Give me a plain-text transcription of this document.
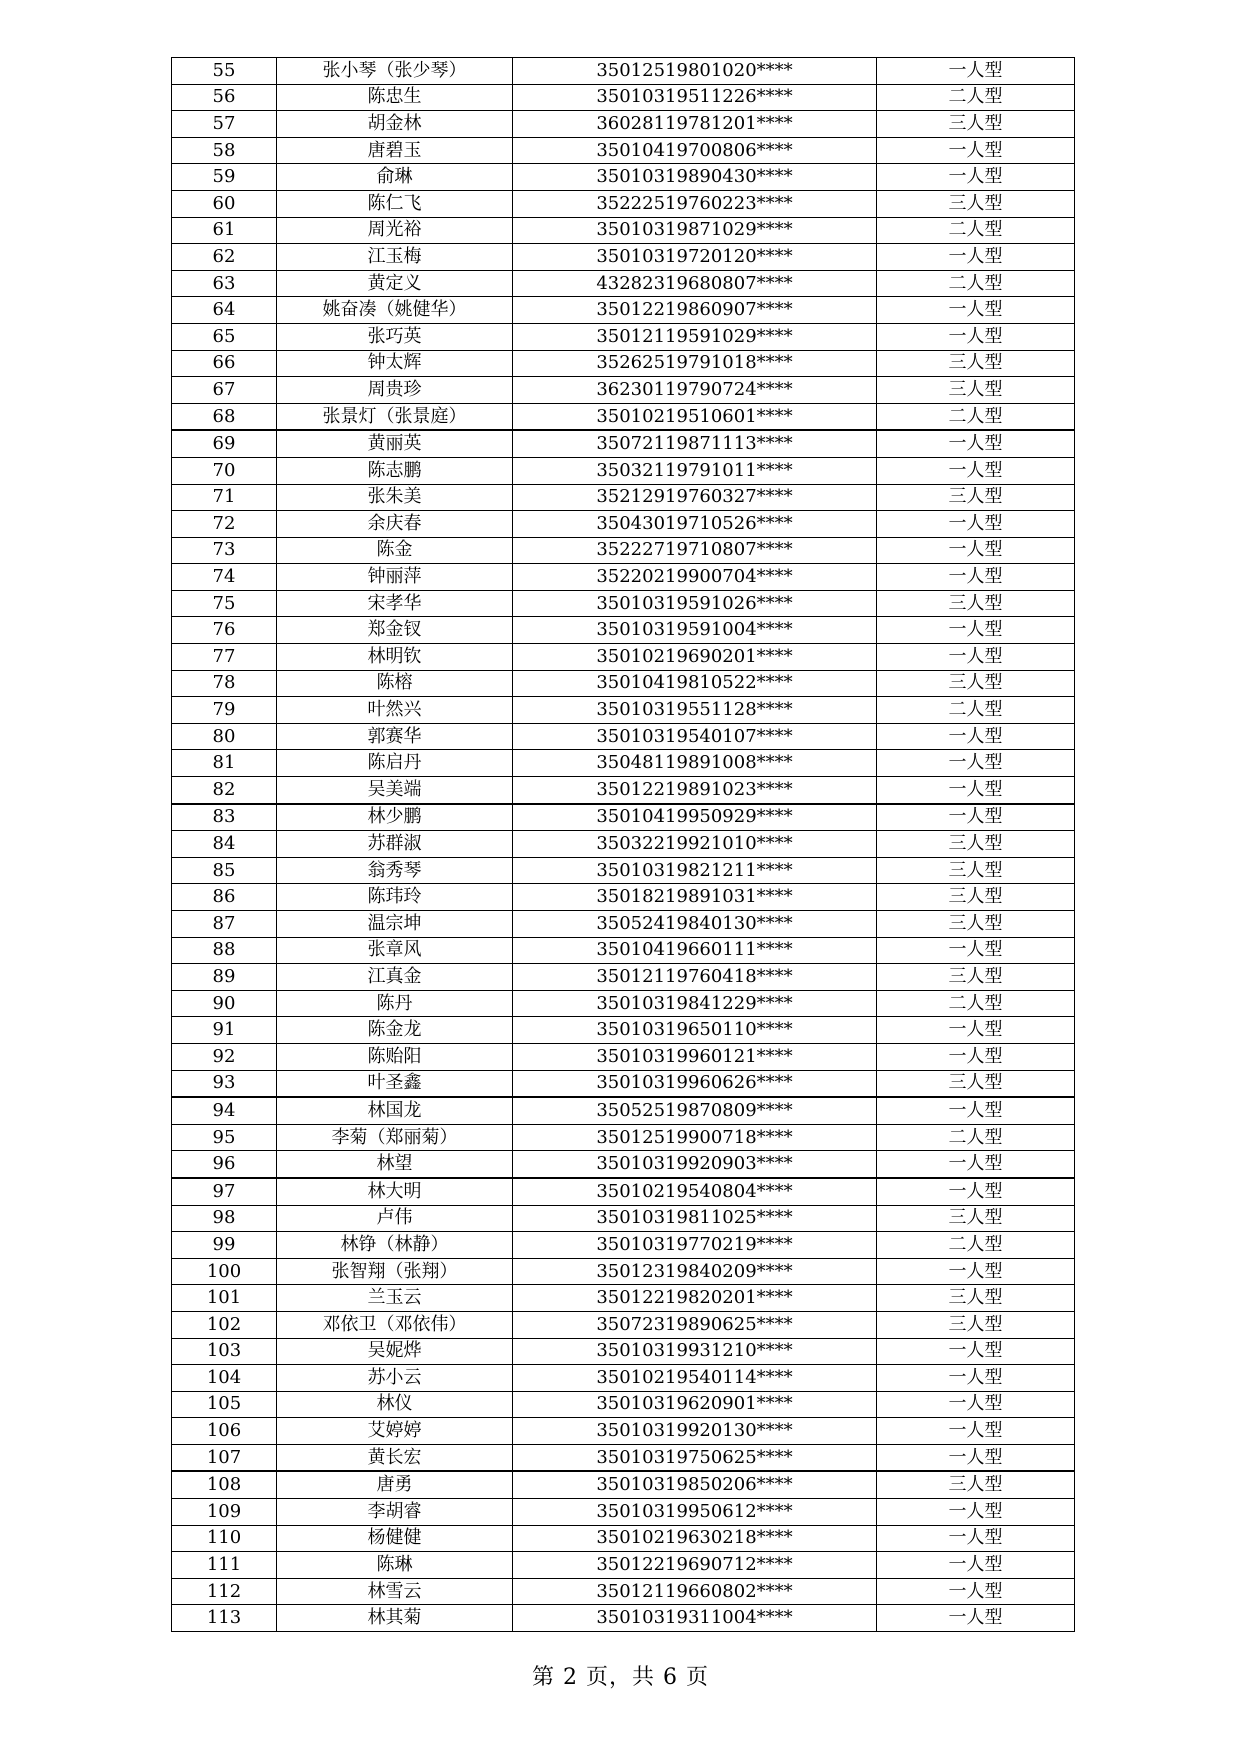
55	张小琴（张少琴）	35012519801020****	一人型
56	陈忠生	35010319511226****	二人型
57	胡金林	36028119781201****	三人型
58	唐碧玉	35010419700806****	一人型
59	俞琳	35010319890430****	一人型
60	陈仁飞	35222519760223****	三人型
61	周光裕	35010319871029****	二人型
62	江玉梅	35010319720120****	一人型
63	黄定义	43282319680807****	二人型
64	姚奋凑（姚健华）	35012219860907****	一人型
65	张巧英	35012119591029****	一人型
66	钟太辉	35262519791018****	三人型
67	周贵珍	36230119790724****	三人型
68	张景灯（张景庭）	35010219510601****	二人型
69	黄丽英	35072119871113****	一人型
70	陈志鹏	35032119791011****	一人型
71	张朱美	35212919760327****	三人型
72	余庆春	35043019710526****	一人型
73	陈金	35222719710807****	一人型
74	钟丽萍	35220219900704****	一人型
75	宋孝华	35010319591026****	三人型
76	郑金钗	35010319591004****	一人型
77	林明钦	35010219690201****	一人型
78	陈榕	35010419810522****	三人型
79	叶然兴	35010319551128****	二人型
80	郭赛华	35010319540107****	一人型
81	陈启丹	35048119891008****	一人型
82	吴美端	35012219891023****	一人型
83	林少鹏	35010419950929****	一人型
84	苏群淑	35032219921010****	三人型
85	翁秀琴	35010319821211****	三人型
86	陈玮玲	35018219891031****	三人型
87	温宗坤	35052419840130****	三人型
88	张章风	35010419660111****	一人型
89	江真金	35012119760418****	三人型
90	陈丹	35010319841229****	二人型
91	陈金龙	35010319650110****	一人型
92	陈贻阳	35010319960121****	一人型
93	叶圣鑫	35010319960626****	三人型
94	林国龙	35052519870809****	一人型
95	李菊（郑丽菊）	35012519900718****	二人型
96	林望	35010319920903****	一人型
97	林大明	35010219540804****	一人型
98	卢伟	35010319811025****	三人型
99	林铮（林静）	35010319770219****	二人型
100	张智翔（张翔）	35012319840209****	一人型
101	兰玉云	35012219820201****	三人型
102	邓依卫（邓依伟）	35072319890625****	三人型
103	吴妮烨	35010319931210****	一人型
104	苏小云	35010219540114****	一人型
105	林仪	35010319620901****	一人型
106	艾婷婷	35010319920130****	一人型
107	黄长宏	35010319750625****	一人型
108	唐勇	35010319850206****	三人型
109	李胡睿	35010319950612****	一人型
110	杨健健	35010219630218****	一人型
111	陈琳	35012219690712****	一人型
112	林雪云	35012119660802****	一人型
113	林其菊	35010319311004****	一人型
第 2 页，共 6 页
